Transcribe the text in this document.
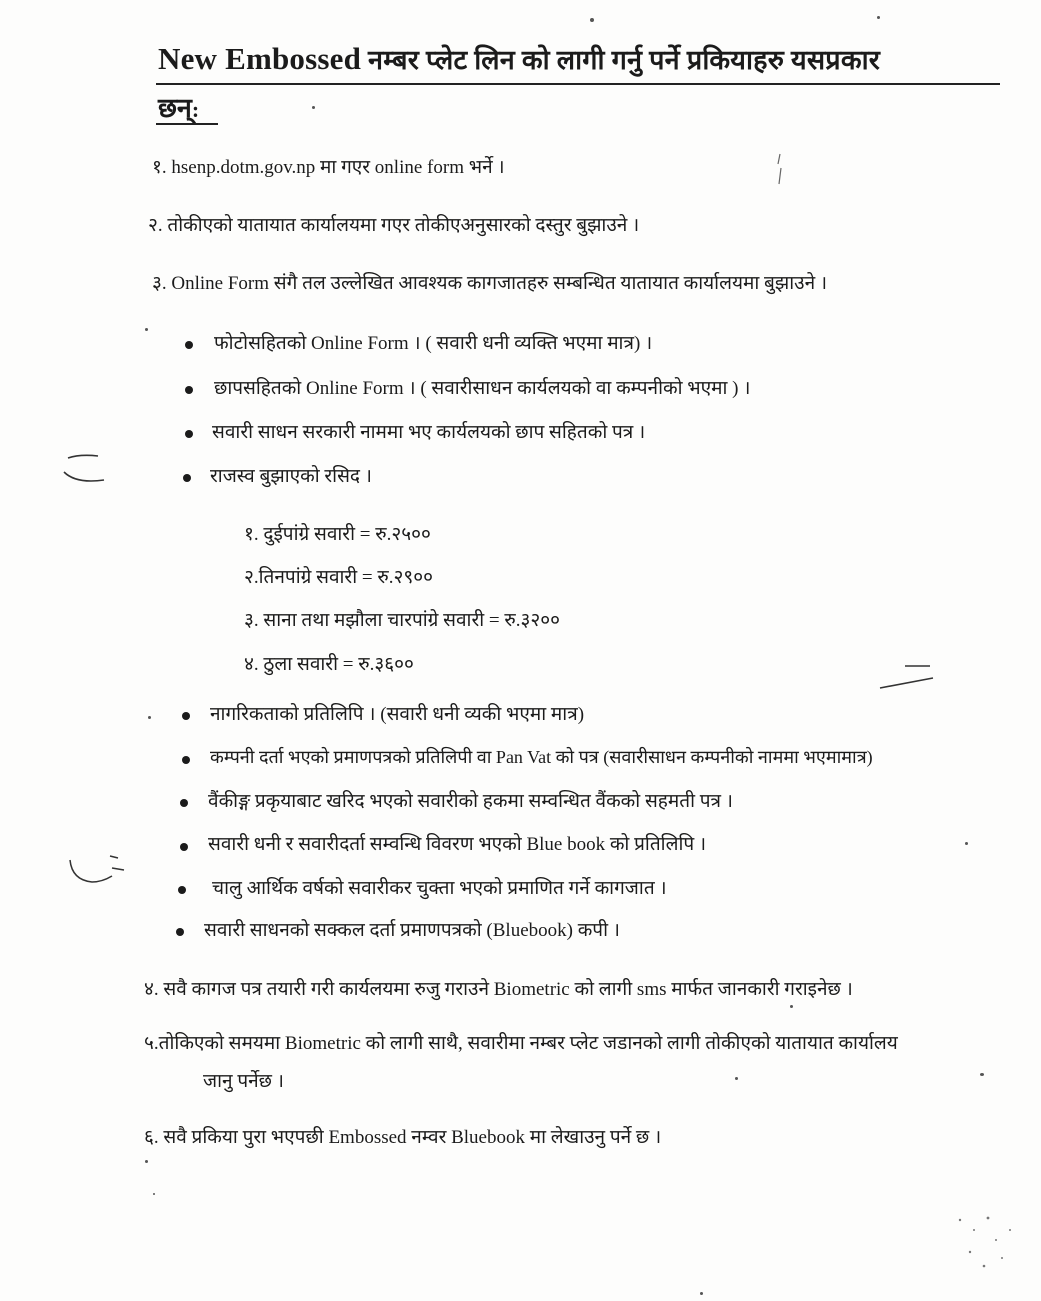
New Embossed नम्बर प्लेट लिन को लागी गर्नु पर्ने प्रकियाहरु यसप्रकार
छन्:
१. hsenp.dotm.gov.np मा गएर online form भर्ने ।
२. तोकीएको यातायात कार्यालयमा गएर तोकीएअनुसारको दस्तुर बुझाउने ।
३. Online Form संगै तल उल्लेखित आवश्यक कागजातहरु सम्बन्धित यातायात कार्यालयमा बुझाउने ।
फोटोसहितको Online Form । ( सवारी धनी व्यक्ति भएमा मात्र) ।
छापसहितको Online Form । ( सवारीसाधन कार्यलयको वा कम्पनीको भएमा ) ।
सवारी साधन सरकारी नाममा भए कार्यलयको छाप सहितको पत्र ।
राजस्व बुझाएको रसिद ।
१. दुईपांग्रे सवारी = रु.२५००
२.तिनपांग्रे सवारी = रु.२९००
३. साना तथा मझौला चारपांग्रे सवारी = रु.३२००
४. ठुला सवारी = रु.३६००
नागरिकताको प्रतिलिपि । (सवारी धनी व्यकी भएमा मात्र)
कम्पनी दर्ता भएको प्रमाणपत्रको प्रतिलिपी वा Pan Vat को पत्र (सवारीसाधन कम्पनीको नाममा भएमामात्र)
वैंकीङ्ग प्रकृयाबाट खरिद भएको सवारीको हकमा सम्वन्धित वैंकको सहमती पत्र ।
सवारी धनी र सवारीदर्ता सम्वन्धि विवरण भएको Blue book को प्रतिलिपि ।
चालु आर्थिक वर्षको सवारीकर चुक्ता भएको प्रमाणित गर्ने कागजात ।
सवारी साधनको सक्कल दर्ता प्रमाणपत्रको (Bluebook) कपी ।
४. सवै कागज पत्र तयारी गरी कार्यलयमा रुजु गराउने Biometric को लागी sms मार्फत जानकारी गराइनेछ ।
५.तोकिएको समयमा Biometric को लागी साथै, सवारीमा नम्बर प्लेट जडानको लागी तोकीएको यातायात कार्यालय
जानु पर्नेछ ।
६. सवै प्रकिया पुरा भएपछी Embossed नम्वर Bluebook मा लेखाउनु पर्ने छ ।
